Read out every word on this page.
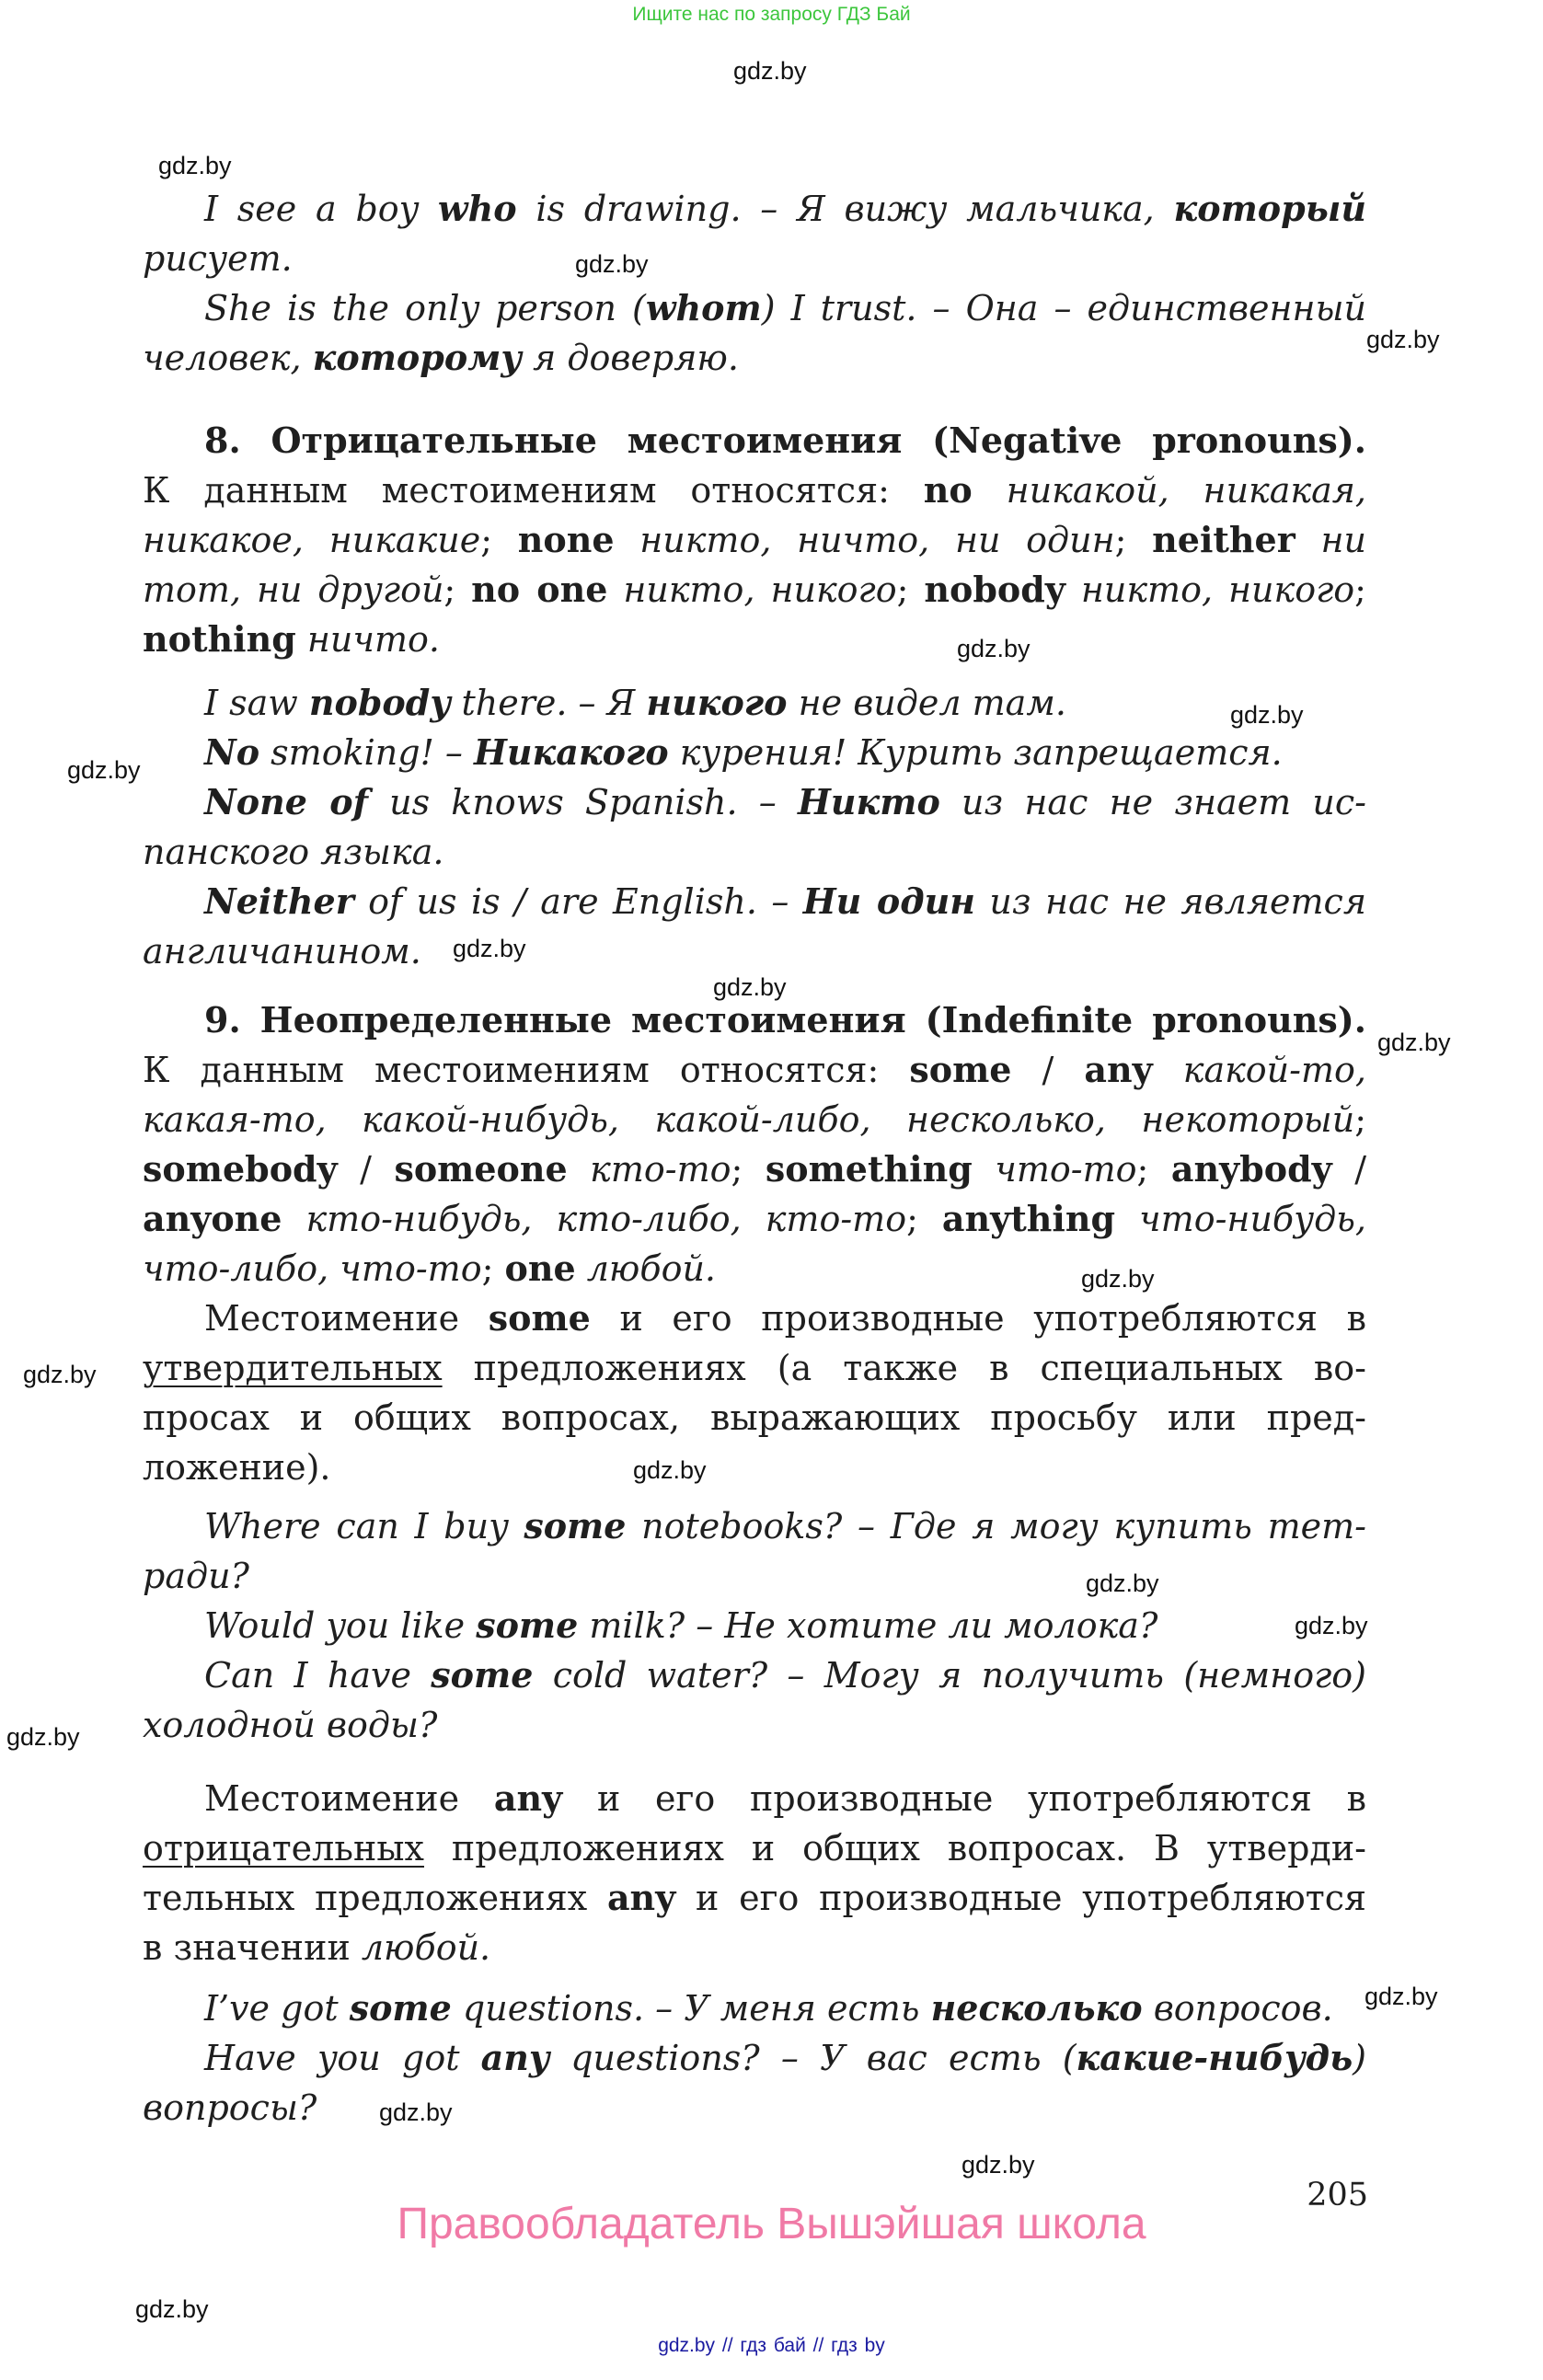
Ищите нас по запросу ГДЗ Бай
gdz.by
gdz.by
gdz.by
gdz.by
gdz.by
gdz.by
gdz.by
gdz.by
gdz.by
gdz.by
gdz.by
gdz.by
gdz.by
gdz.by
gdz.by
gdz.by
gdz.by
gdz.by
gdz.by
gdz.by
I see a boy who is drawing. – Я вижу мальчика, который
рисует.
She is the only person (whom) I trust. – Она – единственный
человек, которому я доверяю.
8. Отрицательные местоимения (Negative pronouns).
К данным местоимениям относятся: no никакой, никакая,
никакое, никакие; none никто, ничто, ни один; neither ни
тот, ни другой; no one никто, никого; nobody никто, никого;
nothing ничто.
I saw nobody there. – Я никого не видел там.
No smoking! – Никакого курения! Курить запрещается.
None of us knows Spanish. – Никто из нас не знает ис-
панского языка.
Neither of us is / are English. – Ни один из нас не является
англичанином.
9. Неопределенные местоимения (Indefinite pronouns).
К данным местоимениям относятся: some / any какой-то,
какая-то, какой-нибудь, какой-либо, несколько, некоторый;
somebody / someone кто-то; something что-то; anybody /
anyone кто-нибудь, кто-либо, кто-то; anything что-нибудь,
что-либо, что-то; one любой.
Местоимение some и его производные употребляются в
утвердительных предложениях (а также в специальных во-
просах и общих вопросах, выражающих просьбу или пред-
ложение).
Where can I buy some notebooks? – Где я могу купить тет-
ради?
Would you like some milk? – Не хотите ли молока?
Can I have some cold water? – Могу я получить (немного)
холодной воды?
Местоимение any и его производные употребляются в
отрицательных предложениях и общих вопросах. В утверди-
тельных предложениях any и его производные употребляются
в значении любой.
I’ve got some questions. – У меня есть несколько вопросов.
Have you got any questions? – У вас есть (какие-нибудь)
вопросы?
205
Правообладатель Вышэйшая школа
gdz.by // гдз бай // гдз by
